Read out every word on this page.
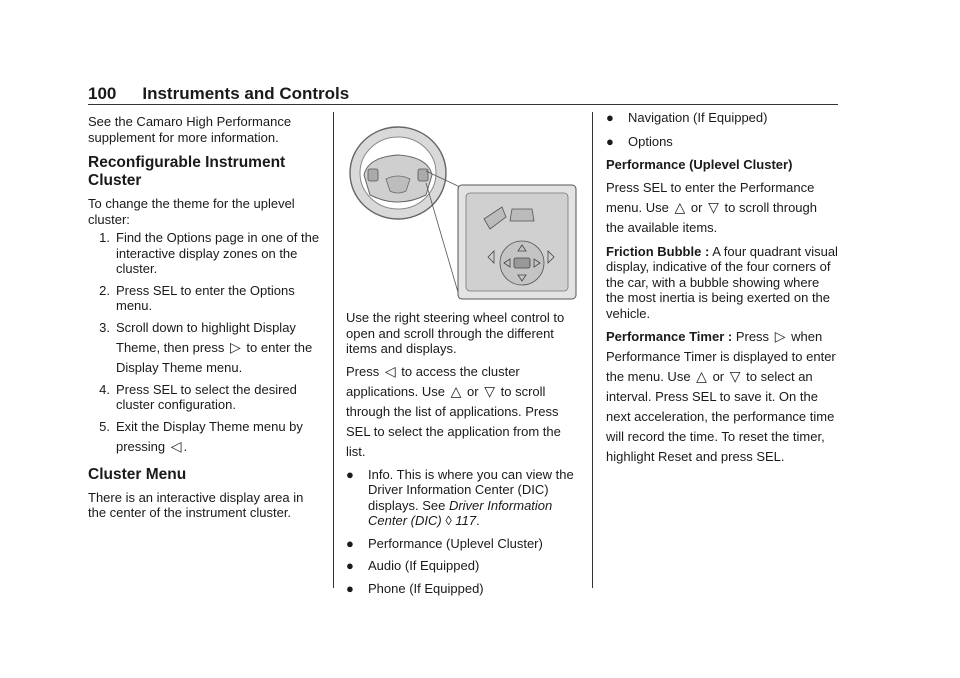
100 Instruments and Controls

See the Camaro High Performance supplement for more information.

Reconfigurable Instrument Cluster

To change the theme for the uplevel cluster:

1. Find the Options page in one of the interactive display zones on the cluster.
2. Press SEL to enter the Options menu.
3. Scroll down to highlight Display Theme, then press ▷ to enter the Display Theme menu.
4. Press SEL to select the desired cluster configuration.
5. Exit the Display Theme menu by pressing ◁ .
Cluster Menu

There is an interactive display area in the center of the instrument cluster.

Use the right steering wheel control to open and scroll through the different items and displays.

Press ◁ to access the cluster applications. Use △ or ▽ to scroll through the list of applications. Press SEL to select the application from the list.

● Info. This is where you can view the Driver Information Center (DIC) displays. See Driver Information Center (DIC) ◊ 117.
● Performance (Uplevel Cluster)
● Audio (If Equipped)
● Phone (If Equipped)
● Navigation (If Equipped)
● Options

Performance (Uplevel Cluster)

Press SEL to enter the Performance menu. Use △ or ▽ to scroll through the available items.

Friction Bubble : A four quadrant visual display, indicative of the four corners of the car, with a bubble showing where the most inertia is being exerted on the vehicle.

Performance Timer : Press ▷ when Performance Timer is displayed to enter the menu. Use △ or ▽ to select an interval. Press SEL to save it. On the next acceleration, the performance time will record the time. To reset the timer, highlight Reset and press SEL.
